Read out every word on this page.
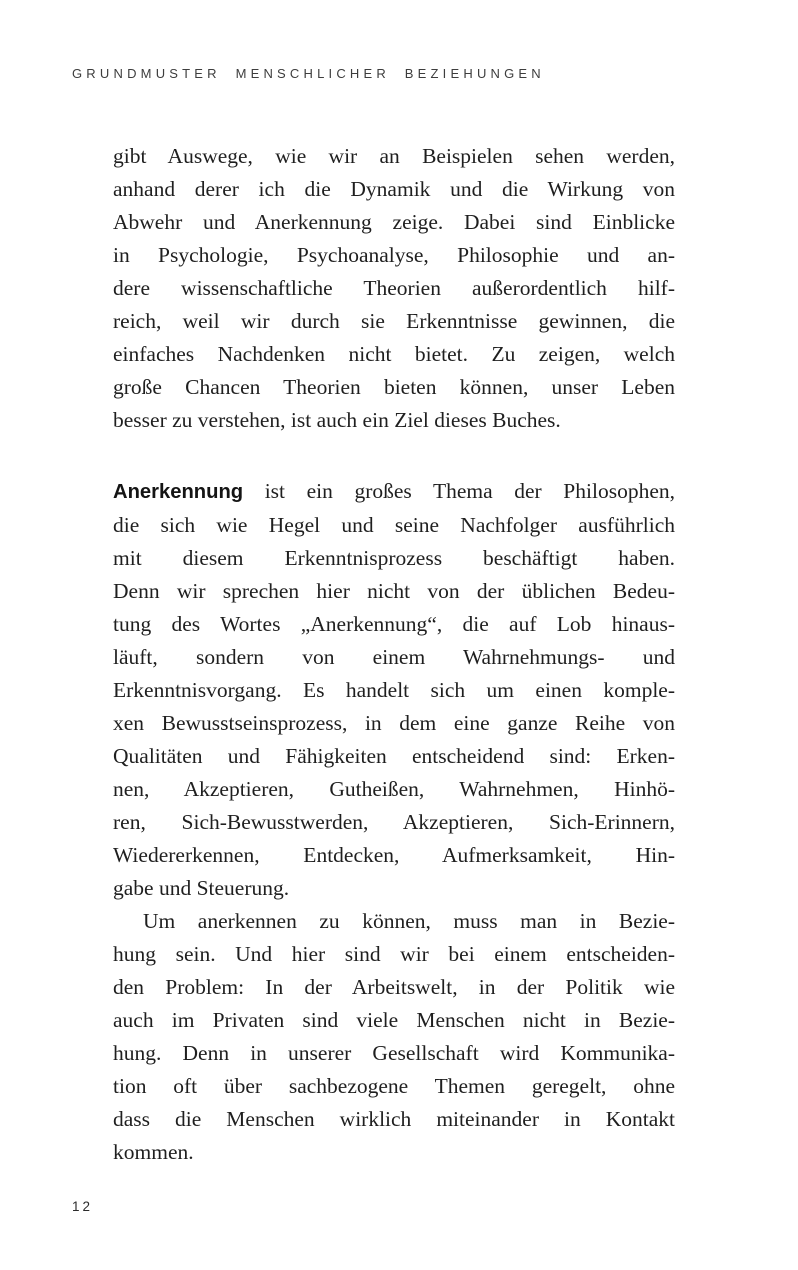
GRUNDMUSTER MENSCHLICHER BEZIEHUNGEN
gibt Auswege, wie wir an Beispielen sehen werden,
anhand derer ich die Dynamik und die Wirkung von
Abwehr und Anerkennung zeige. Dabei sind Einblicke
in Psychologie, Psychoanalyse, Philosophie und an-
dere wissenschaftliche Theorien außerordentlich hilf-
reich, weil wir durch sie Erkenntnisse gewinnen, die
einfaches Nachdenken nicht bietet. Zu zeigen, welch
große Chancen Theorien bieten können, unser Leben
besser zu verstehen, ist auch ein Ziel dieses Buches.
Anerkennung ist ein großes Thema der Philosophen,
die sich wie Hegel und seine Nachfolger ausführlich
mit diesem Erkenntnisprozess beschäftigt haben.
Denn wir sprechen hier nicht von der üblichen Bedeu-
tung des Wortes „Anerkennung“, die auf Lob hinaus-
läuft, sondern von einem Wahrnehmungs- und
Erkenntnisvorgang. Es handelt sich um einen komple-
xen Bewusstseinsprozess, in dem eine ganze Reihe von
Qualitäten und Fähigkeiten entscheidend sind: Erken-
nen, Akzeptieren, Gutheißen, Wahrnehmen, Hinhö-
ren, Sich-Bewusstwerden, Akzeptieren, Sich-Erinnern,
Wiedererkennen, Entdecken, Aufmerksamkeit, Hin-
gabe und Steuerung.
Um anerkennen zu können, muss man in Bezie-
hung sein. Und hier sind wir bei einem entscheiden-
den Problem: In der Arbeitswelt, in der Politik wie
auch im Privaten sind viele Menschen nicht in Bezie-
hung. Denn in unserer Gesellschaft wird Kommunika-
tion oft über sachbezogene Themen geregelt, ohne
dass die Menschen wirklich miteinander in Kontakt
kommen.
12
